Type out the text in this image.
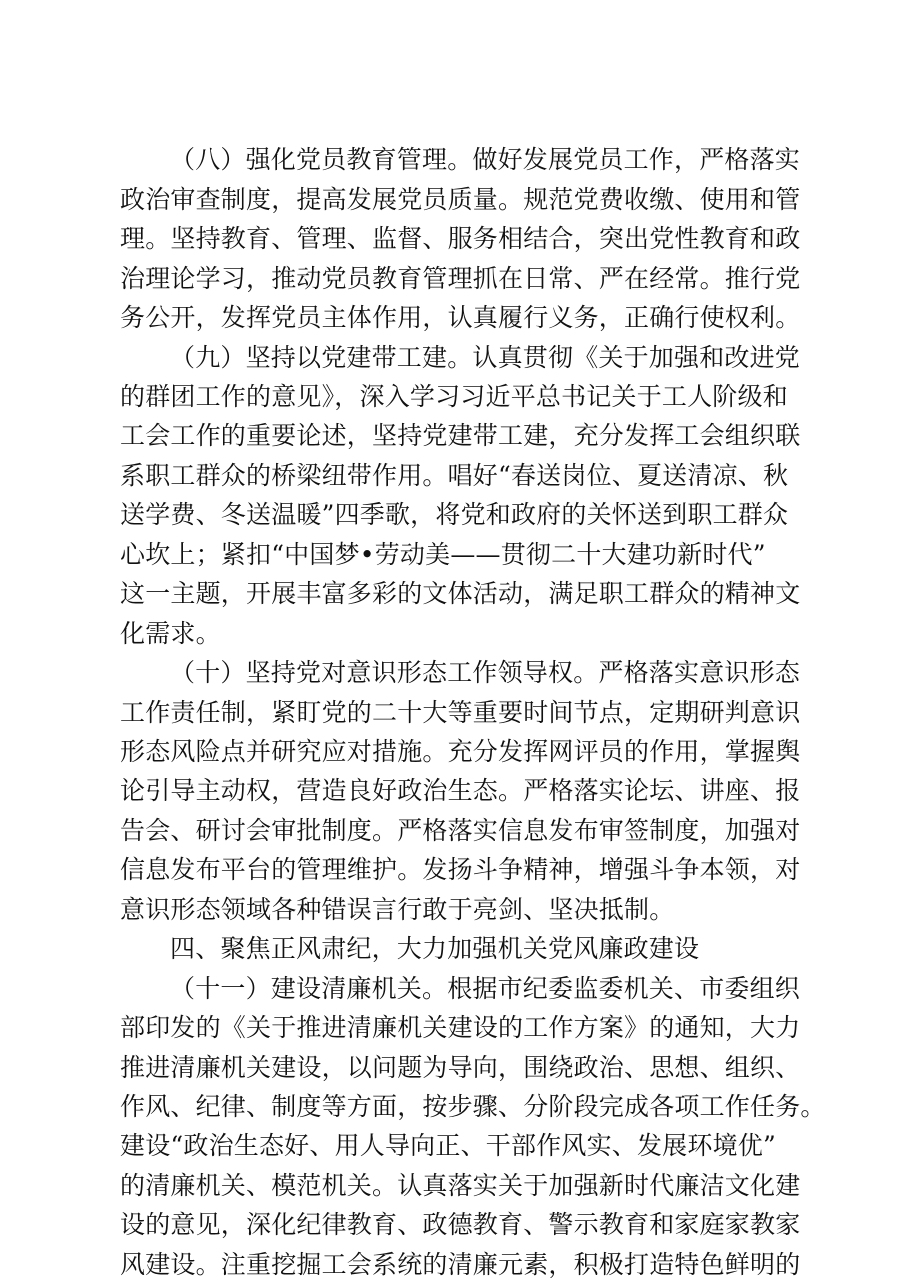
（八）强化党员教育管理。做好发展党员工作，严格落实
政治审查制度，提高发展党员质量。规范党费收缴、使用和管
理。坚持教育、管理、监督、服务相结合，突出党性教育和政
治理论学习，推动党员教育管理抓在日常、严在经常。推行党
务公开，发挥党员主体作用，认真履行义务，正确行使权利。
（九）坚持以党建带工建。认真贯彻《关于加强和改进党
的群团工作的意见》，深入学习习近平总书记关于工人阶级和
工会工作的重要论述，坚持党建带工建，充分发挥工会组织联
系职工群众的桥梁纽带作用。唱好“春送岗位、夏送清凉、秋
送学费、冬送温暖”四季歌，将党和政府的关怀送到职工群众
心坎上；紧扣“中国梦•劳动美——贯彻二十大建功新时代”
这一主题，开展丰富多彩的文体活动，满足职工群众的精神文
化需求。
（十）坚持党对意识形态工作领导权。严格落实意识形态
工作责任制，紧盯党的二十大等重要时间节点，定期研判意识
形态风险点并研究应对措施。充分发挥网评员的作用，掌握舆
论引导主动权，营造良好政治生态。严格落实论坛、讲座、报
告会、研讨会审批制度。严格落实信息发布审签制度，加强对
信息发布平台的管理维护。发扬斗争精神，增强斗争本领，对
意识形态领域各种错误言行敢于亮剑、坚决抵制。
四、聚焦正风肃纪，大力加强机关党风廉政建设
（十一）建设清廉机关。根据市纪委监委机关、市委组织
部印发的《关于推进清廉机关建设的工作方案》的通知，大力
推进清廉机关建设，以问题为导向，围绕政治、思想、组织、
作风、纪律、制度等方面，按步骤、分阶段完成各项工作任务。
建设“政治生态好、用人导向正、干部作风实、发展环境优”
的清廉机关、模范机关。认真落实关于加强新时代廉洁文化建
设的意见，深化纪律教育、政德教育、警示教育和家庭家教家
风建设。注重挖掘工会系统的清廉元素，积极打造特色鲜明的
